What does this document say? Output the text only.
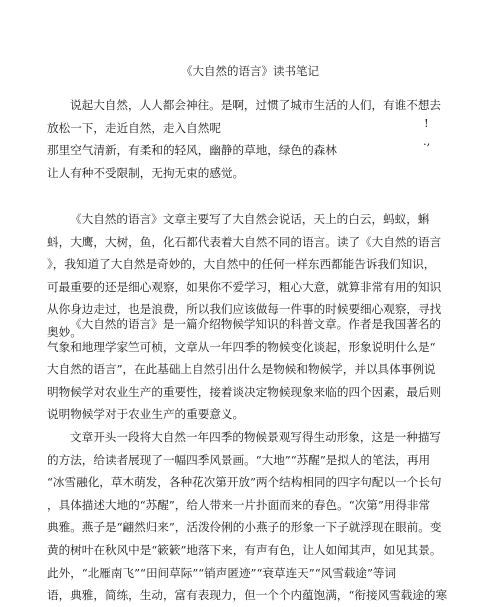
《大自然的语言》读书笔记
说起大自然，人人都会神往。是啊，过惯了城市生活的人们，有谁不想去
放松一下，走近自然，走入自然呢
那里空气清新，有柔和的轻风，幽静的草地，绿色的森林
让人有种不受限制，无拘无束的感觉。
!
.,
《大自然的语言》文章主要写了大自然会说话，天上的白云，蚂蚁，蝌
蚪，大鹰，大树，鱼，化石都代表着大自然不同的语言。读了《大自然的语言
》，我知道了大自然是奇妙的，大自然中的任何一样东西都能告诉我们知识，
可最重要的还是细心观察，如果你不爱学习，粗心大意，就算非常有用的知识
从你身边走过，也是浪费，所以我们应该做每一件事的时候要细心观察，寻找
奥妙。
《大自然的语言》是一篇介绍物候学知识的科普文章。作者是我国著名的
气象和地理学家竺可桢，文章从一年四季的物候变化谈起，形象说明什么是“
大自然的语言”，在此基础上自然引出什么是物候和物候学，并以具体事例说
明物候学对农业生产的重要性，接着谈决定物候现象来临的四个因素，最后则
说明物候学对于农业生产的重要意义。
文章开头一段将大自然一年四季的物候景观写得生动形象，这是一种描写
的方法，给读者展现了一幅四季风景画。“大地”“苏醒”是拟人的笔法，再用
“冰雪融化，草木萌发，各种花次第开放”两个结构相同的四字句配以一个长句
，具体描述大地的“苏醒”，给人带来一片扑面而来的春色。“次第”用得非常
典雅。燕子是“翩然归来”，活泼伶俐的小燕子的形象一下子就浮现在眼前。变
黄的树叶在秋风中是“簌簌”地落下来，有声有色，让人如闻其声，如见其景。
此外，“北雁南飞”“田间草际”“销声匿迹”“衰草连天”“风雪载途”等词
语，典雅，简练，生动，富有表现力，但一个个内蕴饱满，“衔接风雪载途的寒
